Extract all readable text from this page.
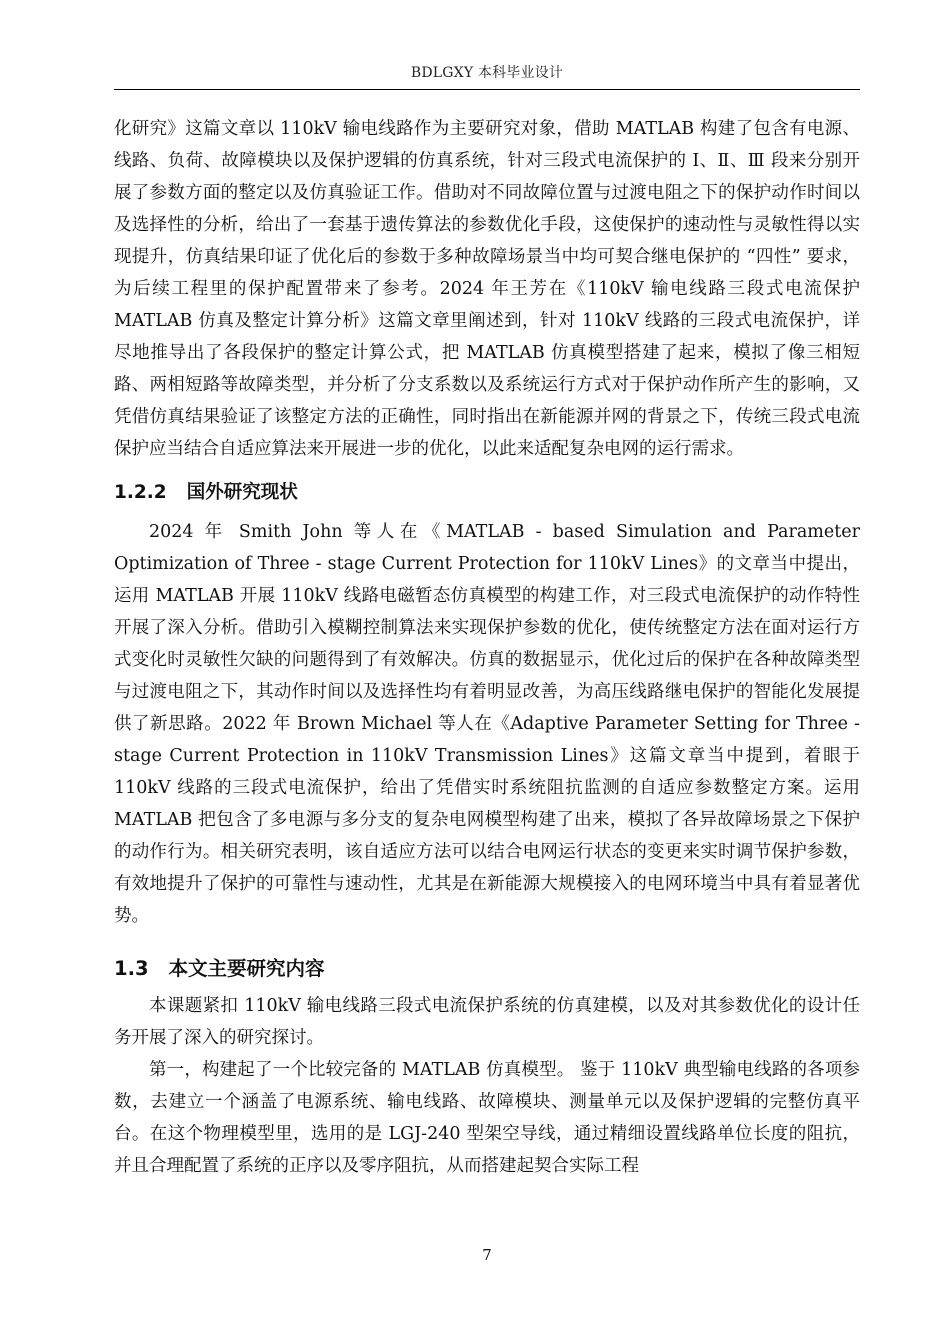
BDLGXY 本科毕业设计

化研究》这篇文章以 110kV 输电线路作为主要研究对象，借助 MATLAB 构建了包含有电源、线路、负荷、故障模块以及保护逻辑的仿真系统，针对三段式电流保护的 Ⅰ、Ⅱ、Ⅲ 段来分别开展了参数方面的整定以及仿真验证工作。借助对不同故障位置与过渡电阻之下的保护动作时间以及选择性的分析，给出了一套基于遗传算法的参数优化手段，这使保护的速动性与灵敏性得以实现提升，仿真结果印证了优化后的参数于多种故障场景当中均可契合继电保护的 “四性” 要求，为后续工程里的保护配置带来了参考。2024 年王芳在《110kV 输电线路三段式电流保护 MATLAB 仿真及整定计算分析》这篇文章里阐述到，针对 110kV 线路的三段式电流保护，详尽地推导出了各段保护的整定计算公式，把 MATLAB 仿真模型搭建了起来，模拟了像三相短路、两相短路等故障类型，并分析了分支系数以及系统运行方式对于保护动作所产生的影响，又凭借仿真结果验证了该整定方法的正确性，同时指出在新能源并网的背景之下，传统三段式电流保护应当结合自适应算法来开展进一步的优化，以此来适配复杂电网的运行需求。

1.2.2 国外研究现状

2024 年 Smith John 等人在《MATLAB - based Simulation and Parameter Optimization of Three - stage Current Protection for 110kV Lines》的文章当中提出，运用 MATLAB 开展 110kV 线路电磁暂态仿真模型的构建工作，对三段式电流保护的动作特性开展了深入分析。借助引入模糊控制算法来实现保护参数的优化，使传统整定方法在面对运行方式变化时灵敏性欠缺的问题得到了有效解决。仿真的数据显示，优化过后的保护在各种故障类型与过渡电阻之下，其动作时间以及选择性均有着明显改善，为高压线路继电保护的智能化发展提供了新思路。2022 年 Brown Michael 等人在《Adaptive Parameter Setting for Three - stage Current Protection in 110kV Transmission Lines》这篇文章当中提到，着眼于 110kV 线路的三段式电流保护，给出了凭借实时系统阻抗监测的自适应参数整定方案。运用 MATLAB 把包含了多电源与多分支的复杂电网模型构建了出来，模拟了各异故障场景之下保护的动作行为。相关研究表明，该自适应方法可以结合电网运行状态的变更来实时调节保护参数，有效地提升了保护的可靠性与速动性，尤其是在新能源大规模接入的电网环境当中具有着显著优势。

1.3 本文主要研究内容

本课题紧扣 110kV 输电线路三段式电流保护系统的仿真建模，以及对其参数优化的设计任务开展了深入的研究探讨。

第一，构建起了一个比较完备的 MATLAB 仿真模型。 鉴于 110kV 典型输电线路的各项参数，去建立一个涵盖了电源系统、输电线路、故障模块、测量单元以及保护逻辑的完整仿真平台。在这个物理模型里，选用的是 LGJ-240 型架空导线，通过精细设置线路单位长度的阻抗，并且合理配置了系统的正序以及零序阻抗，从而搭建起契合实际工程

7
